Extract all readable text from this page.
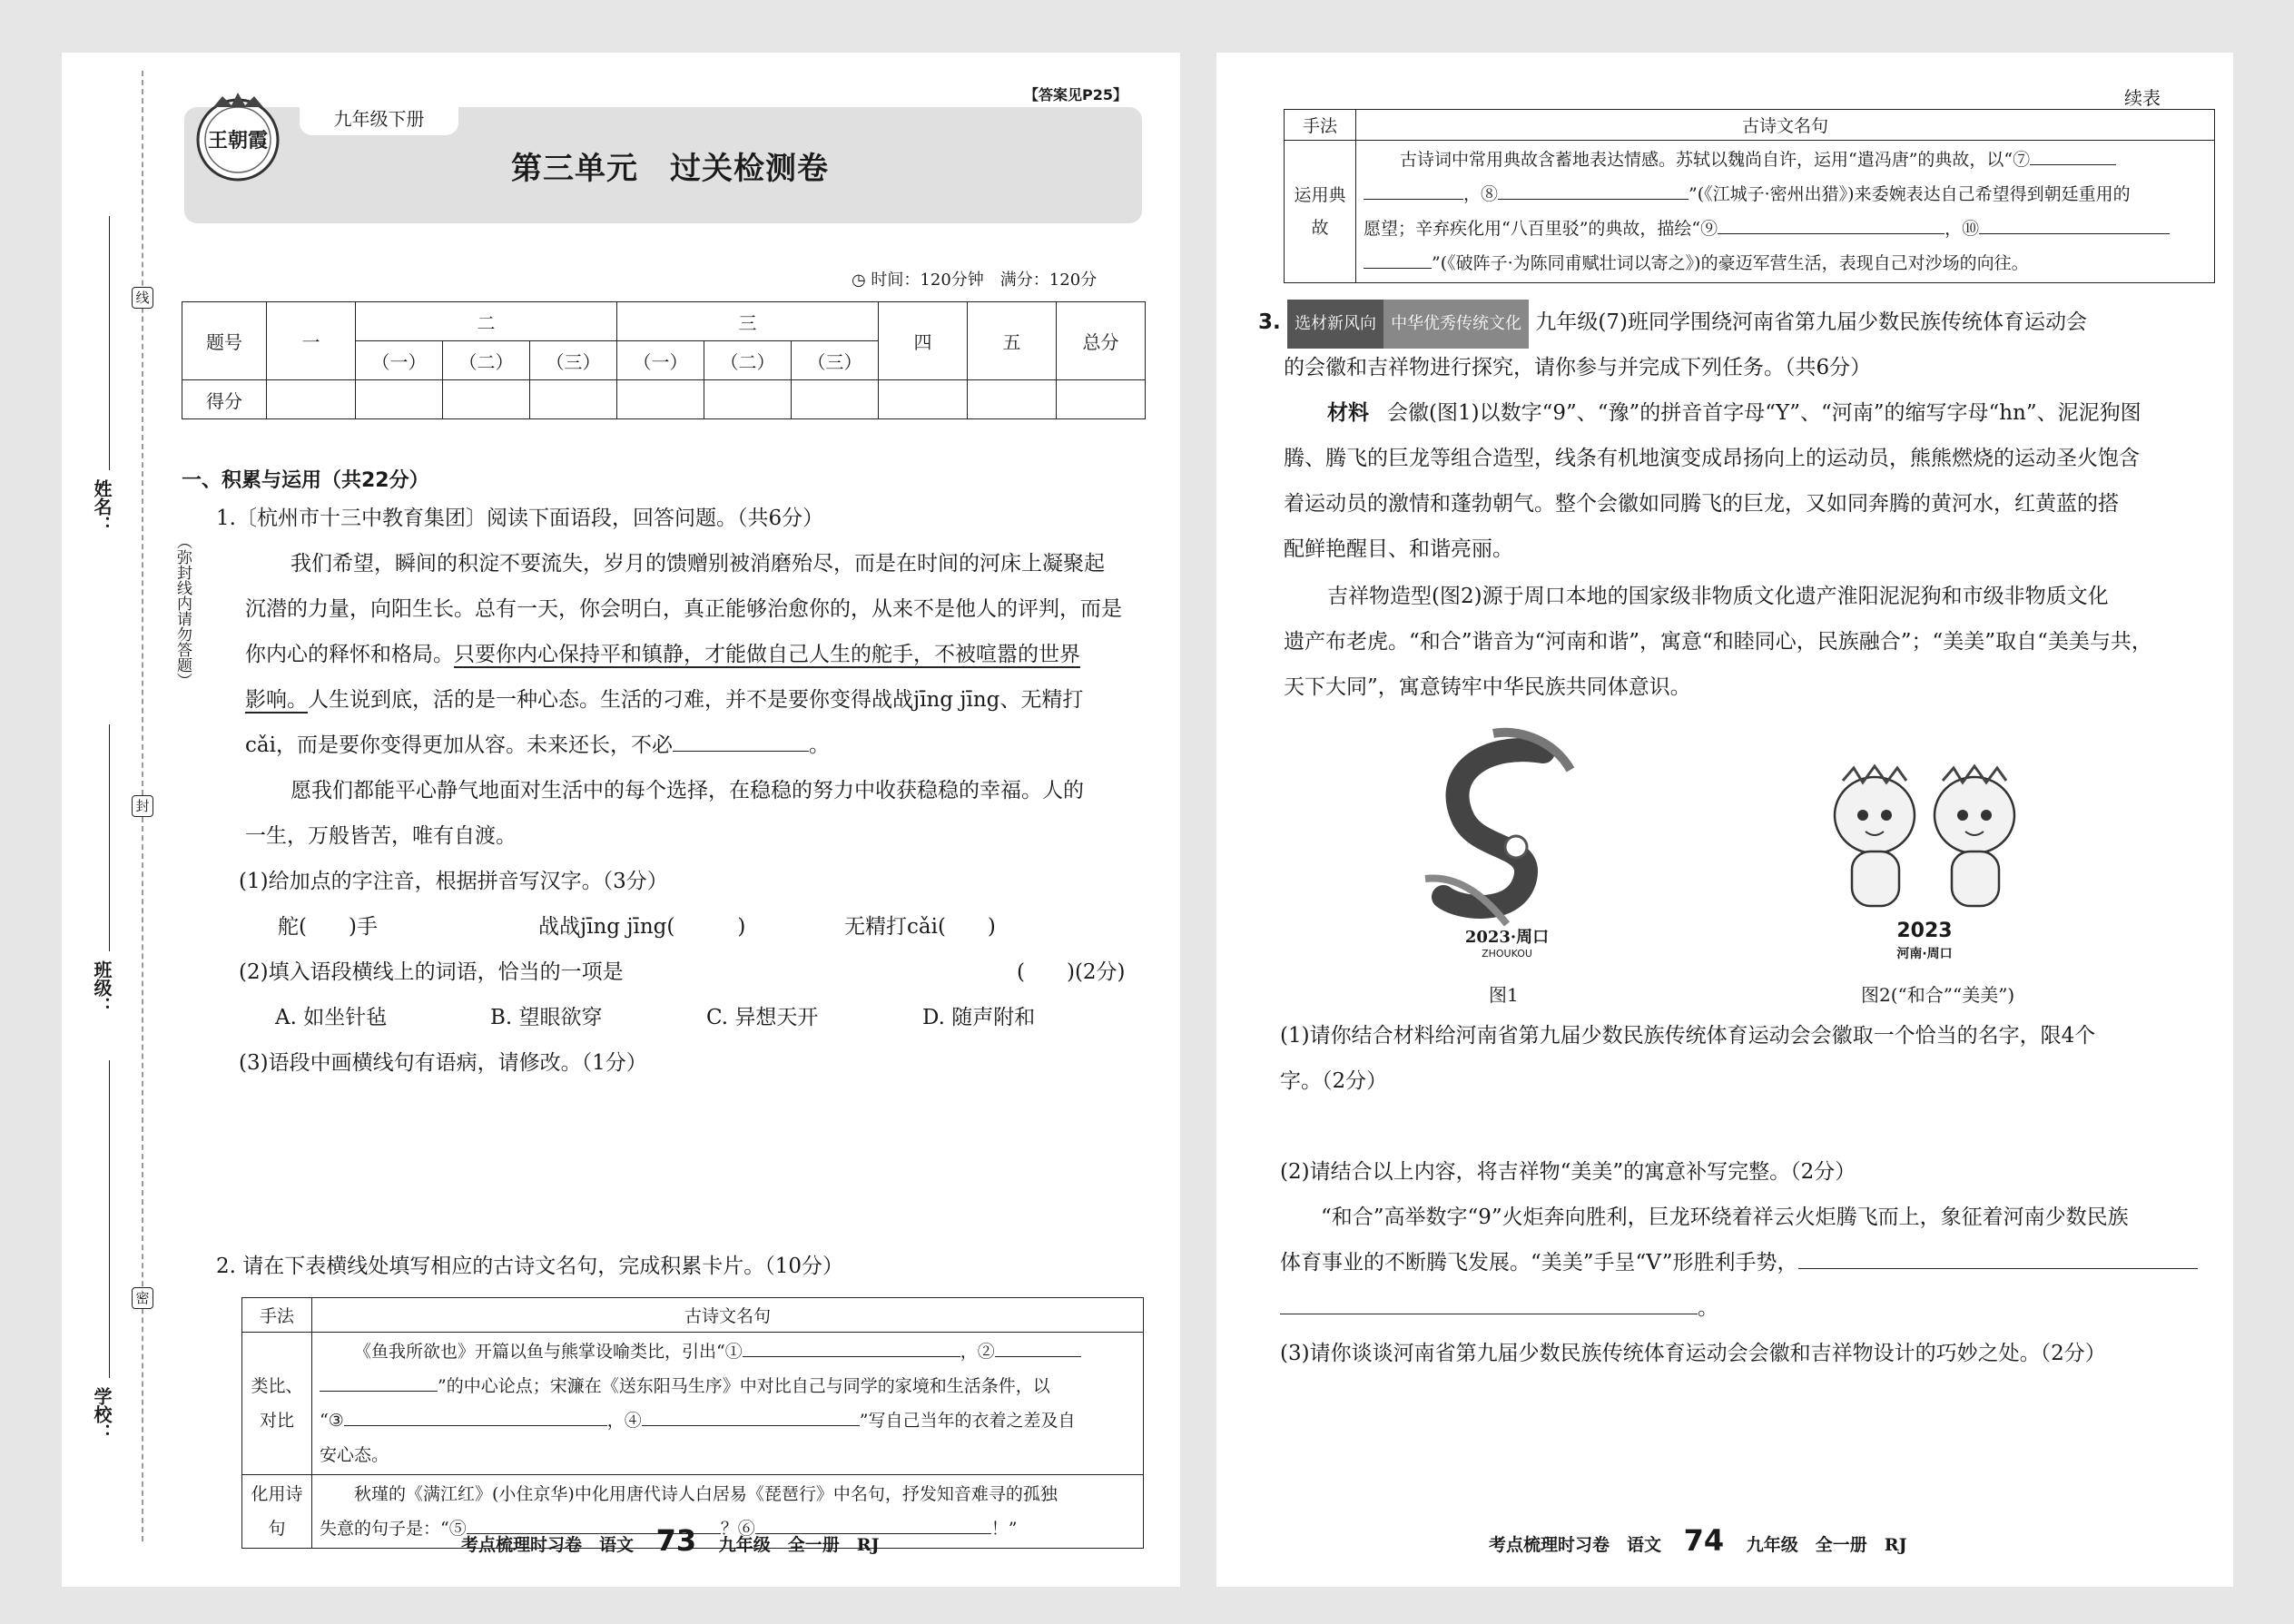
线
封
密
（弥封线内请勿答题）
姓名：
班级：
学校：
王朝霞
九年级下册
【答案见P25】
第三单元　过关检测卷
◷ 时间：120分钟　满分：120分
题号	一	二			三			四	五	总分
		（一）	（二）	（三）	（一）	（二）	（三）			
得分										
一、积累与运用（共22分）
1.〔杭州市十三中教育集团〕阅读下面语段，回答问题。（共6分）
我们希望，瞬间的积淀不要流失，岁月的馈赠别被消磨殆尽，而是在时间的河床上凝聚起
沉潜的力量，向阳生长。总有一天，你会明白，真正能够治愈你的，从来不是他人的评判，而是
你内心的释怀和格局。只要你内心保持平和镇静，才能做自己人生的舵手，不被喧嚣的世界
影响。人生说到底，活的是一种心态。生活的刁难，并不是要你变得战战jīng jīng、无精打
cǎi，而是要你变得更加从容。未来还长，不必	。
愿我们都能平心静气地面对生活中的每个选择，在稳稳的努力中收获稳稳的幸福。人的
一生，万般皆苦，唯有自渡。
(1)给加点的字注音，根据拼音写汉字。（3分）
舵(　　)手	战战jīng jīng(　　　)	无精打cǎi(　　)
(2)填入语段横线上的词语，恰当的一项是	(　　)(2分)
A. 如坐针毡	B. 望眼欲穿	C. 异想天开	D. 随声附和
(3)语段中画横线句有语病，请修改。（1分）
2. 请在下表横线处填写相应的古诗文名句，完成积累卡片。（10分）
手法	古诗文名句
类比、对比	《鱼我所欲也》开篇以鱼与熊掌设喻类比，引出“① ，②
”的中心论点；宋濂在《送东阳马生序》中对比自己与同学的家境和生活条件，以
“③ ，④ ”写自己当年的衣着之差及自
安心态。

化用诗句	秋瑾的《满江红》(小住京华)中化用唐代诗人白居易《琵琶行》中名句，抒发知音难寻的孤独
失意的句子是：“⑤ ？⑥ ！”
考点梳理时习卷　语文 73 九年级　全一册　RJ
续表
手法	古诗文名句
运用典故	古诗词中常用典故含蓄地表达情感。苏轼以魏尚自许，运用“遣冯唐”的典故，以“⑦
，⑧ ”(《江城子·密州出猎》)来委婉表达自己希望得到朝廷重用的
愿望；辛弃疾化用“八百里驳”的典故，描绘“⑨ ，⑩
”(《破阵子·为陈同甫赋壮词以寄之》)的豪迈军营生活，表现自己对沙场的向往。
3. 选材新风向 中华优秀传统文化 九年级(7)班同学围绕河南省第九届少数民族传统体育运动会
的会徽和吉祥物进行探究，请你参与并完成下列任务。（共6分）
材料 会徽(图1)以数字“9”、“豫”的拼音首字母“Y”、“河南”的缩写字母“hn”、泥泥狗图
腾、腾飞的巨龙等组合造型，线条有机地演变成昂扬向上的运动员，熊熊燃烧的运动圣火饱含
着运动员的激情和蓬勃朝气。整个会徽如同腾飞的巨龙，又如同奔腾的黄河水，红黄蓝的搭
配鲜艳醒目、和谐亮丽。
吉祥物造型(图2)源于周口本地的国家级非物质文化遗产淮阳泥泥狗和市级非物质文化
遗产布老虎。“和合”谐音为“河南和谐”，寓意“和睦同心，民族融合”；“美美”取自“美美与共，
天下大同”，寓意铸牢中华民族共同体意识。
2023·周口
ZHOUKOU
图1
2023
河南·周口
图2(“和合”“美美”)
(1)请你结合材料给河南省第九届少数民族传统体育运动会会徽取一个恰当的名字，限4个
字。（2分）
(2)请结合以上内容，将吉祥物“美美”的寓意补写完整。（2分）
“和合”高举数字“9”火炬奔向胜利，巨龙环绕着祥云火炬腾飞而上，象征着河南少数民族
体育事业的不断腾飞发展。“美美”手呈“V”形胜利手势，
。
(3)请你谈谈河南省第九届少数民族传统体育运动会会徽和吉祥物设计的巧妙之处。（2分）
考点梳理时习卷　语文 74 九年级　全一册　RJ
